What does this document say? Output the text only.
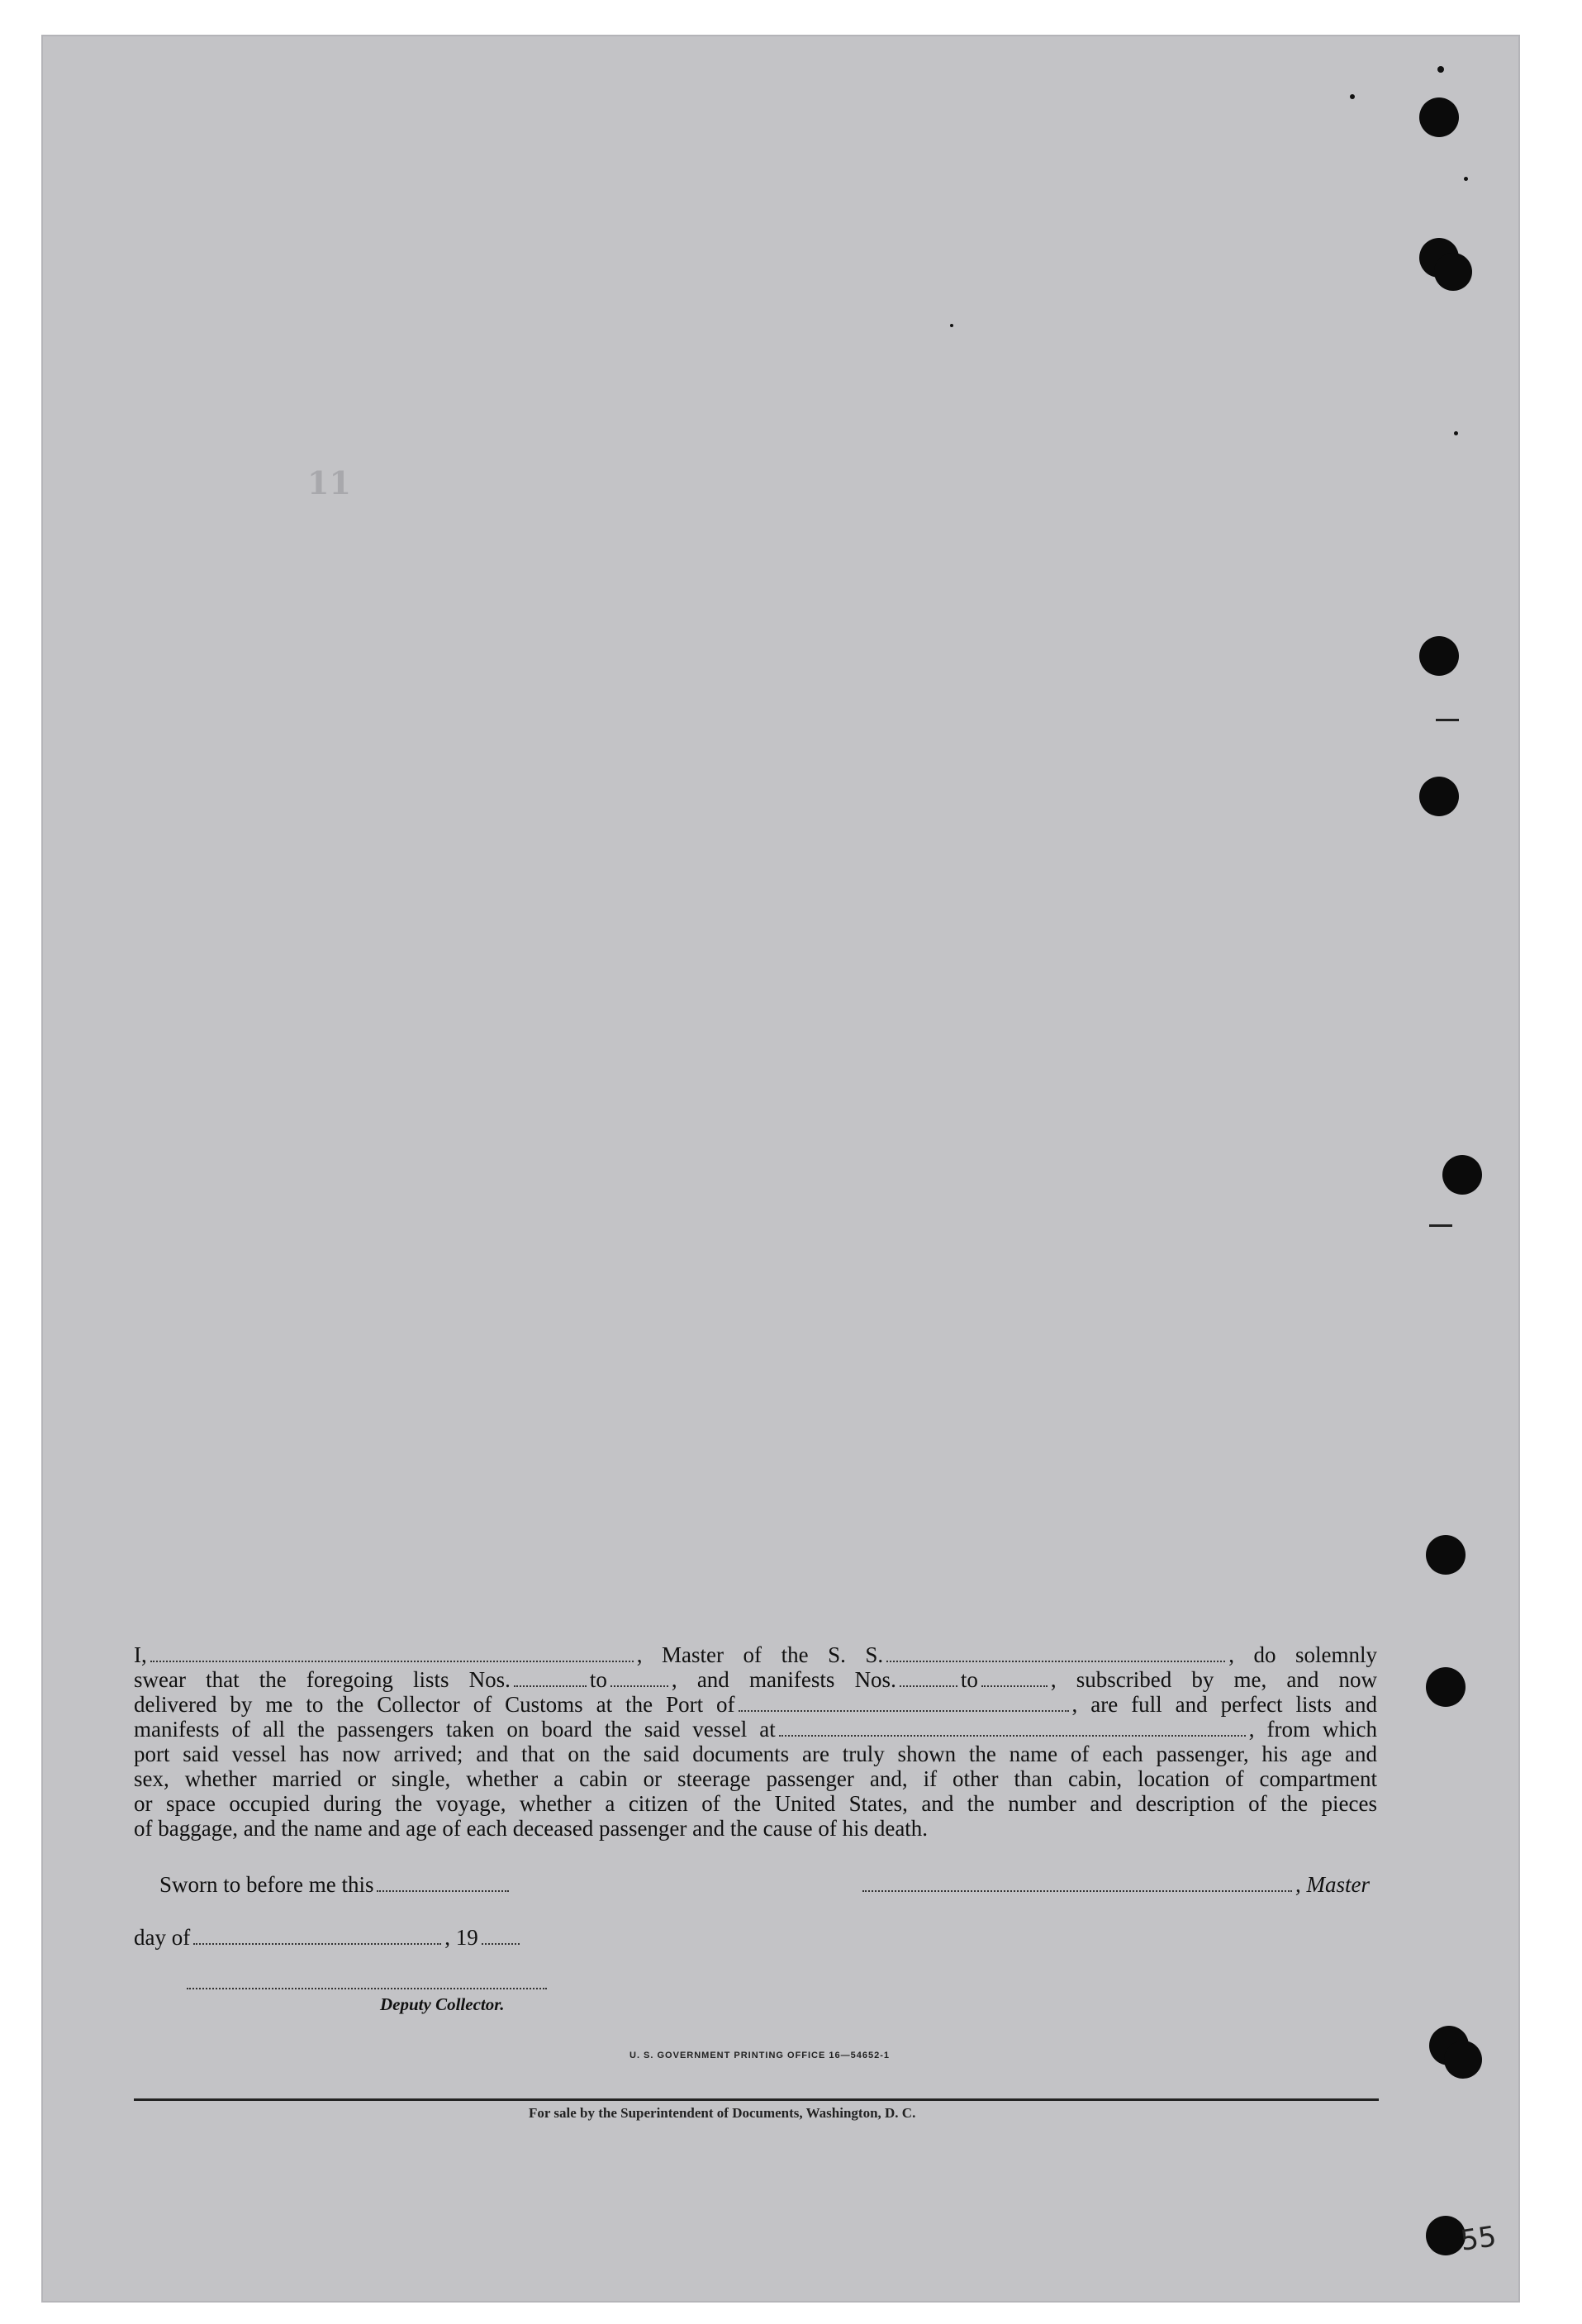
11
I,	, Master of the S. S.	, do solemnly
swear that the foregoing lists Nos.	to	, and manifests Nos.	to	, subscribed by me, and now
delivered by me to the Collector of Customs at the Port of	, are full and perfect lists and
manifests of all the passengers taken on board the said vessel at	, from which
port said vessel has now arrived; and that on the said documents are truly shown the name of each passenger, his age and
sex, whether married or single, whether a cabin or steerage passenger and, if other than cabin, location of compartment
or space occupied during the voyage, whether a citizen of the United States, and the number and description of the pieces
of baggage, and the name and age of each deceased passenger and the cause of his death.
Sworn to before me this	, Master
day of	, 19
Deputy Collector.
U. S. GOVERNMENT PRINTING OFFICE 16—54652-1
For sale by the Superintendent of Documents, Washington, D. C.
55
